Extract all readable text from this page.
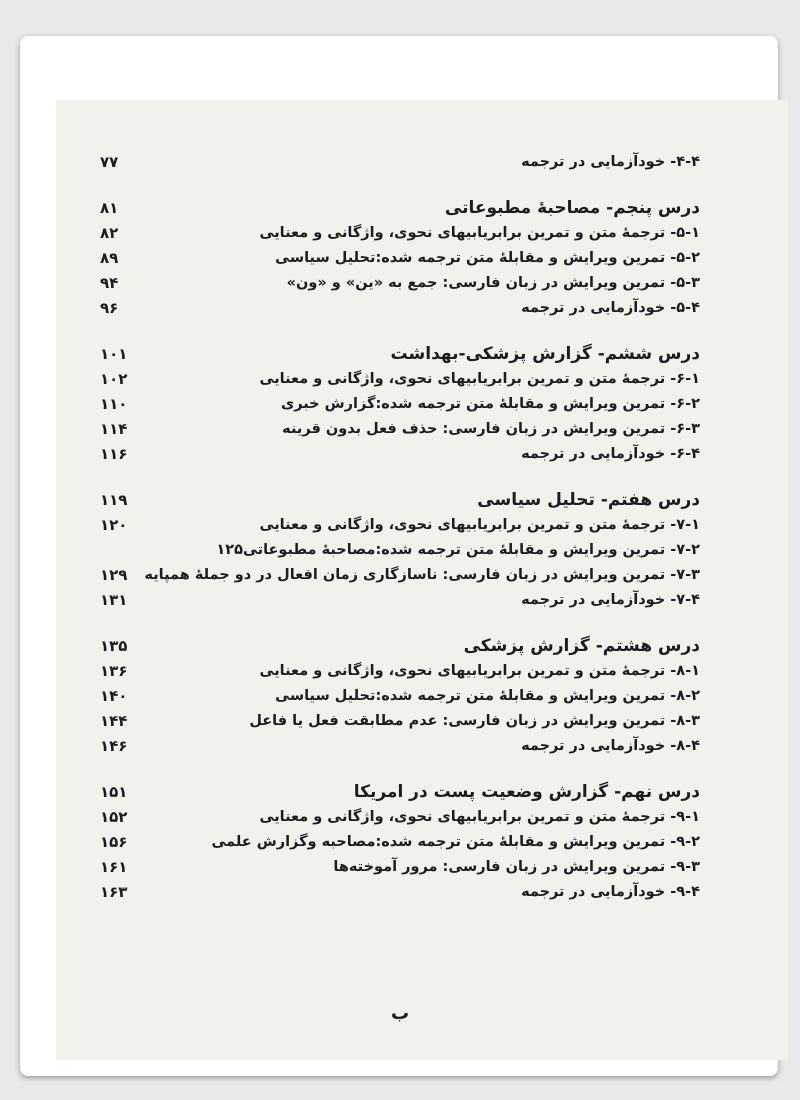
۴-۴- خودآزمایی در ترجمه
۷۷
درس پنجم- مصاحبهٔ مطبوعاتی
۸۱
۵-۱- ترجمهٔ متن و تمرین برابریابیهای نحوی، واژگانی و معنایی
۸۲
۵-۲- تمرین ویرایش و مقابلهٔ متن ترجمه شده:تحلیل سیاسی
۸۹
۵-۳- تمرین ویرایش در زبان فارسی: جمع به «ین» و «ون»
۹۴
۵-۴- خودآزمایی در ترجمه
۹۶
درس ششم- گزارش پزشکی-بهداشت
۱۰۱
۶-۱- ترجمهٔ متن و تمرین برابریابیهای نحوی، واژگانی و معنایی
۱۰۲
۶-۲- تمرین ویرایش و مقابلهٔ متن ترجمه شده:گزارش خبری
۱۱۰
۶-۳- تمرین ویرایش در زبان فارسی: حذف فعل بدون قرینه
۱۱۴
۶-۴- خودآزمایی در ترجمه
۱۱۶
درس هفتم- تحلیل سیاسی
۱۱۹
۷-۱- ترجمهٔ متن و تمرین برابریابیهای نحوی، واژگانی و معنایی
۱۲۰
۷-۲- تمرین ویرایش و مقابلهٔ متن ترجمه شده:مصاحبهٔ مطبوعاتی۱۲۵
۷-۳- تمرین ویرایش در زبان فارسی: ناسازگاری زمان افعال در دو جملهٔ همپایه
۱۲۹
۷-۴- خودآزمایی در ترجمه
۱۳۱
درس هشتم- گزارش پزشکی
۱۳۵
۸-۱- ترجمهٔ متن و تمرین برابریابیهای نحوی، واژگانی و معنایی
۱۳۶
۸-۲- تمرین ویرایش و مقابلهٔ متن ترجمه شده:تحلیل سیاسی
۱۴۰
۸-۳- تمرین ویرایش در زبان فارسی: عدم مطابقت فعل یا فاعل
۱۴۴
۸-۴- خودآزمایی در ترجمه
۱۴۶
درس نهم- گزارش وضعیت پست در امریکا
۱۵۱
۹-۱- ترجمهٔ متن و تمرین برابریابیهای نحوی، واژگانی و معنایی
۱۵۲
۹-۲- تمرین ویرایش و مقابلهٔ متن ترجمه شده:مصاحبه وگزارش علمی
۱۵۶
۹-۳- تمرین ویرایش در زبان فارسی: مرور آموخته‌ها
۱۶۱
۹-۴- خودآزمایی در ترجمه
۱۶۳
ب
